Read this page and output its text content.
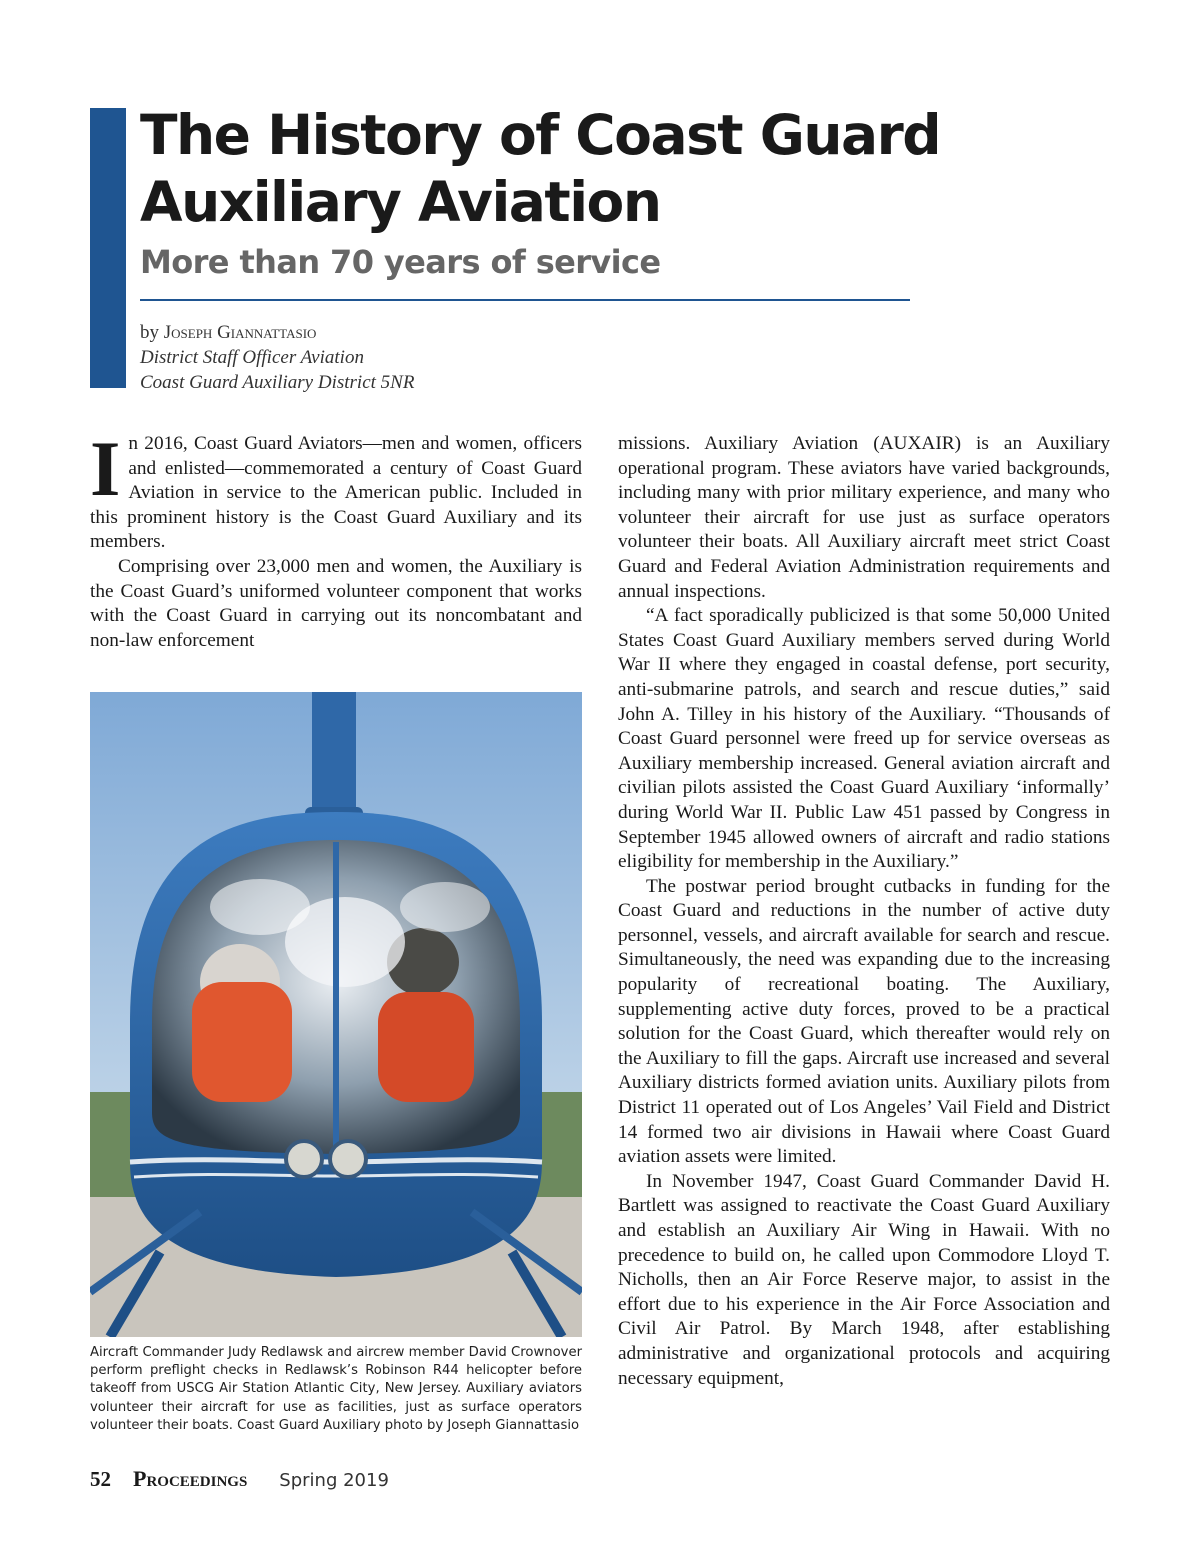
The History of Coast Guard
Auxiliary Aviation
More than 70 years of service
by Joseph Giannattasio
District Staff Officer Aviation
Coast Guard Auxiliary District 5NR

In 2016, Coast Guard Aviators—men and women, officers and enlisted—commemorated a century of Coast Guard Aviation in service to the American public. Included in this prominent history is the Coast Guard Auxiliary and its members.

Comprising over 23,000 men and women, the Auxiliary is the Coast Guard’s uniformed volunteer component that works with the Coast Guard in carrying out its noncombatant and non-law enforcement

Aircraft Commander Judy Redlawsk and aircrew member David Crownover perform preflight checks in Redlawsk’s Robinson R44 helicopter before takeoff from USCG Air Station Atlantic City, New Jersey. Auxiliary aviators volunteer their aircraft for use as facilities, just as surface operators volunteer their boats. Coast Guard Auxiliary photo by Joseph Giannattasio

missions. Auxiliary Aviation (AUXAIR) is an Auxiliary operational program. These aviators have varied backgrounds, including many with prior military experience, and many who volunteer their aircraft for use just as surface operators volunteer their boats. All Auxiliary aircraft meet strict Coast Guard and Federal Aviation Administration requirements and annual inspections.

“A fact sporadically publicized is that some 50,000 United States Coast Guard Auxiliary members served during World War II where they engaged in coastal defense, port security, anti-submarine patrols, and search and rescue duties,” said John A. Tilley in his history of the Auxiliary. “Thousands of Coast Guard personnel were freed up for service overseas as Auxiliary membership increased. General aviation aircraft and civilian pilots assisted the Coast Guard Auxiliary ‘informally’ during World War II. Public Law 451 passed by Congress in September 1945 allowed owners of aircraft and radio stations eligibility for membership in the Auxiliary.”

The postwar period brought cutbacks in funding for the Coast Guard and reductions in the number of active duty personnel, vessels, and aircraft available for search and rescue. Simultaneously, the need was expanding due to the increasing popularity of recreational boating. The Auxiliary, supplementing active duty forces, proved to be a practical solution for the Coast Guard, which thereafter would rely on the Auxiliary to fill the gaps. Aircraft use increased and several Auxiliary districts formed aviation units. Auxiliary pilots from District 11 operated out of Los Angeles’ Vail Field and District 14 formed two air divisions in Hawaii where Coast Guard aviation assets were limited.

In November 1947, Coast Guard Commander David H. Bartlett was assigned to reactivate the Coast Guard Auxiliary and establish an Auxiliary Air Wing in Hawaii. With no precedence to build on, he called upon Commodore Lloyd T. Nicholls, then an Air Force Reserve major, to assist in the effort due to his experience in the Air Force Association and Civil Air Patrol. By March 1948, after establishing administrative and organizational protocols and acquiring necessary equipment,

52 Proceedings Spring 2019
